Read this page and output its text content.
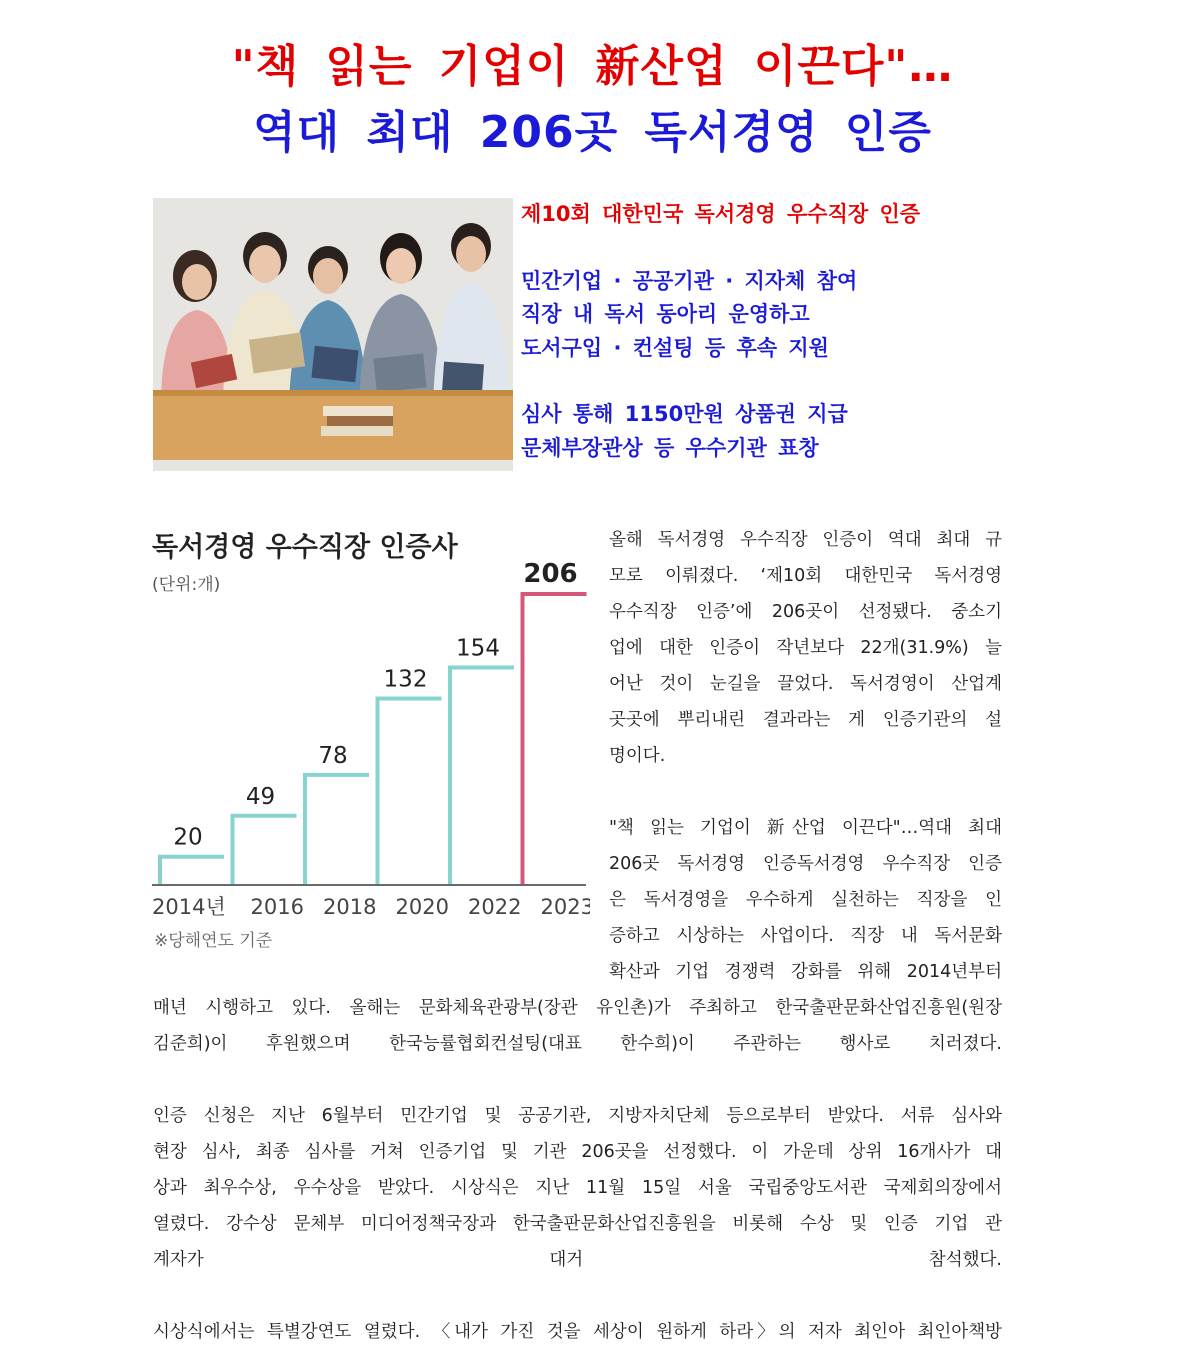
"책 읽는 기업이 新산업 이끈다"…
역대 최대 206곳 독서경영 인증
제10회 대한민국 독서경영 우수직장 인증
민간기업 · 공공기관 · 지자체 참여
직장 내 독서 동아리 운영하고
도서구입 · 컨설팅 등 후속 지원
심사 통해 1150만원 상품권 지급
문체부장관상 등 우수기관 표창
독서경영 우수직장 인증사
(단위:개)
20
2014년
49
2016
78
2018
132
2020
154
2022
206
2023
※당해연도 기준
올해 독서경영 우수직장 인증이 역대 최대 규
모로 이뤄졌다. ‘제10회 대한민국 독서경영
우수직장 인증’에 206곳이 선정됐다. 중소기
업에 대한 인증이 작년보다 22개(31.9%) 늘
어난 것이 눈길을 끌었다. 독서경영이 산업계
곳곳에 뿌리내린 결과라는 게 인증기관의 설
명이다.
"책 읽는 기업이 新산업 이끈다"…역대 최대
206곳 독서경영 인증독서경영 우수직장 인증
은 독서경영을 우수하게 실천하는 직장을 인
증하고 시상하는 사업이다. 직장 내 독서문화
확산과 기업 경쟁력 강화를 위해 2014년부터
매년 시행하고 있다. 올해는 문화체육관광부(장관 유인촌)가 주최하고 한국출판문화산업진흥원(원장
김준희)이 후원했으며 한국능률협회컨설팅(대표 한수희)이 주관하는 행사로 치러졌다.
인증 신청은 지난 6월부터 민간기업 및 공공기관, 지방자치단체 등으로부터 받았다. 서류 심사와
현장 심사, 최종 심사를 거쳐 인증기업 및 기관 206곳을 선정했다. 이 가운데 상위 16개사가 대
상과 최우수상, 우수상을 받았다. 시상식은 지난 11월 15일 서울 국립중앙도서관 국제회의장에서
열렸다. 강수상 문체부 미디어정책국장과 한국출판문화산업진흥원을 비롯해 수상 및 인증 기업 관
계자가 대거 참석했다.
시상식에서는 특별강연도 열렸다. 〈내가 가진 것을 세상이 원하게 하라〉의 저자 최인아 최인아책방
